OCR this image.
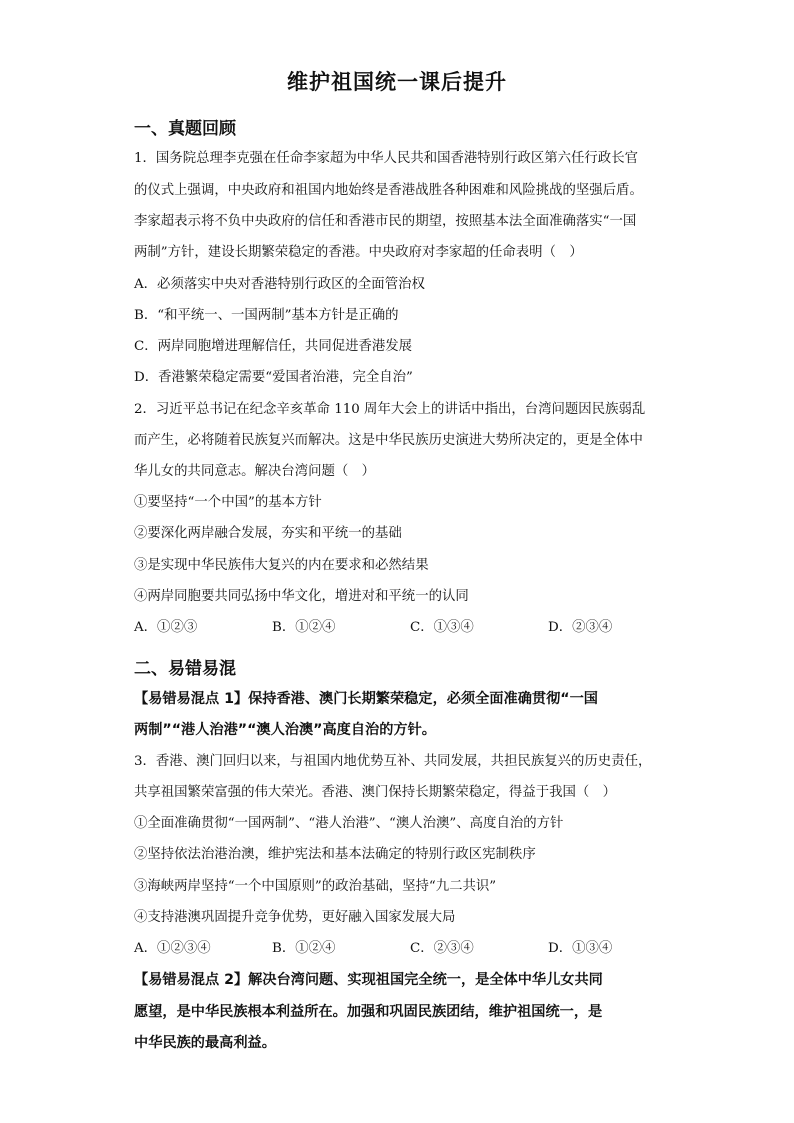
维护祖国统一课后提升
一、真题回顾
1．国务院总理李克强在任命李家超为中华人民共和国香港特别行政区第六任行政长官
的仪式上强调，中央政府和祖国内地始终是香港战胜各种困难和风险挑战的坚强后盾。
李家超表示将不负中央政府的信任和香港市民的期望，按照基本法全面准确落实“一国
两制”方针，建设长期繁荣稳定的香港。中央政府对李家超的任命表明（　）
A．必须落实中央对香港特别行政区的全面管治权
B．“和平统一、一国两制”基本方针是正确的
C．两岸同胞增进理解信任，共同促进香港发展
D．香港繁荣稳定需要“爱国者治港，完全自治”
2．习近平总书记在纪念辛亥革命 110 周年大会上的讲话中指出，台湾问题因民族弱乱
而产生，必将随着民族复兴而解决。这是中华民族历史演进大势所决定的，更是全体中
华儿女的共同意志。解决台湾问题（　）
①要坚持“一个中国”的基本方针
②要深化两岸融合发展，夯实和平统一的基础
③是实现中华民族伟大复兴的内在要求和必然结果
④两岸同胞要共同弘扬中华文化，增进对和平统一的认同
A．①②③	B．①②④	C．①③④	D．②③④
二、易错易混
【易错易混点 1】保持香港、澳门长期繁荣稳定，必须全面准确贯彻“一国
两制”“港人治港”“澳人治澳”高度自治的方针。
3．香港、澳门回归以来，与祖国内地优势互补、共同发展，共担民族复兴的历史责任，
共享祖国繁荣富强的伟大荣光。香港、澳门保持长期繁荣稳定，得益于我国（　）
①全面准确贯彻“一国两制”、“港人治港”、“澳人治澳”、高度自治的方针
②坚持依法治港治澳，维护宪法和基本法确定的特别行政区宪制秩序
③海峡两岸坚持“一个中国原则”的政治基础，坚持“九二共识”
④支持港澳巩固提升竞争优势，更好融入国家发展大局
A．①②③④	B．①②④	C．②③④	D．①③④
【易错易混点 2】解决台湾问题、实现祖国完全统一，是全体中华儿女共同
愿望，是中华民族根本利益所在。加强和巩固民族团结，维护祖国统一，是
中华民族的最高利益。
